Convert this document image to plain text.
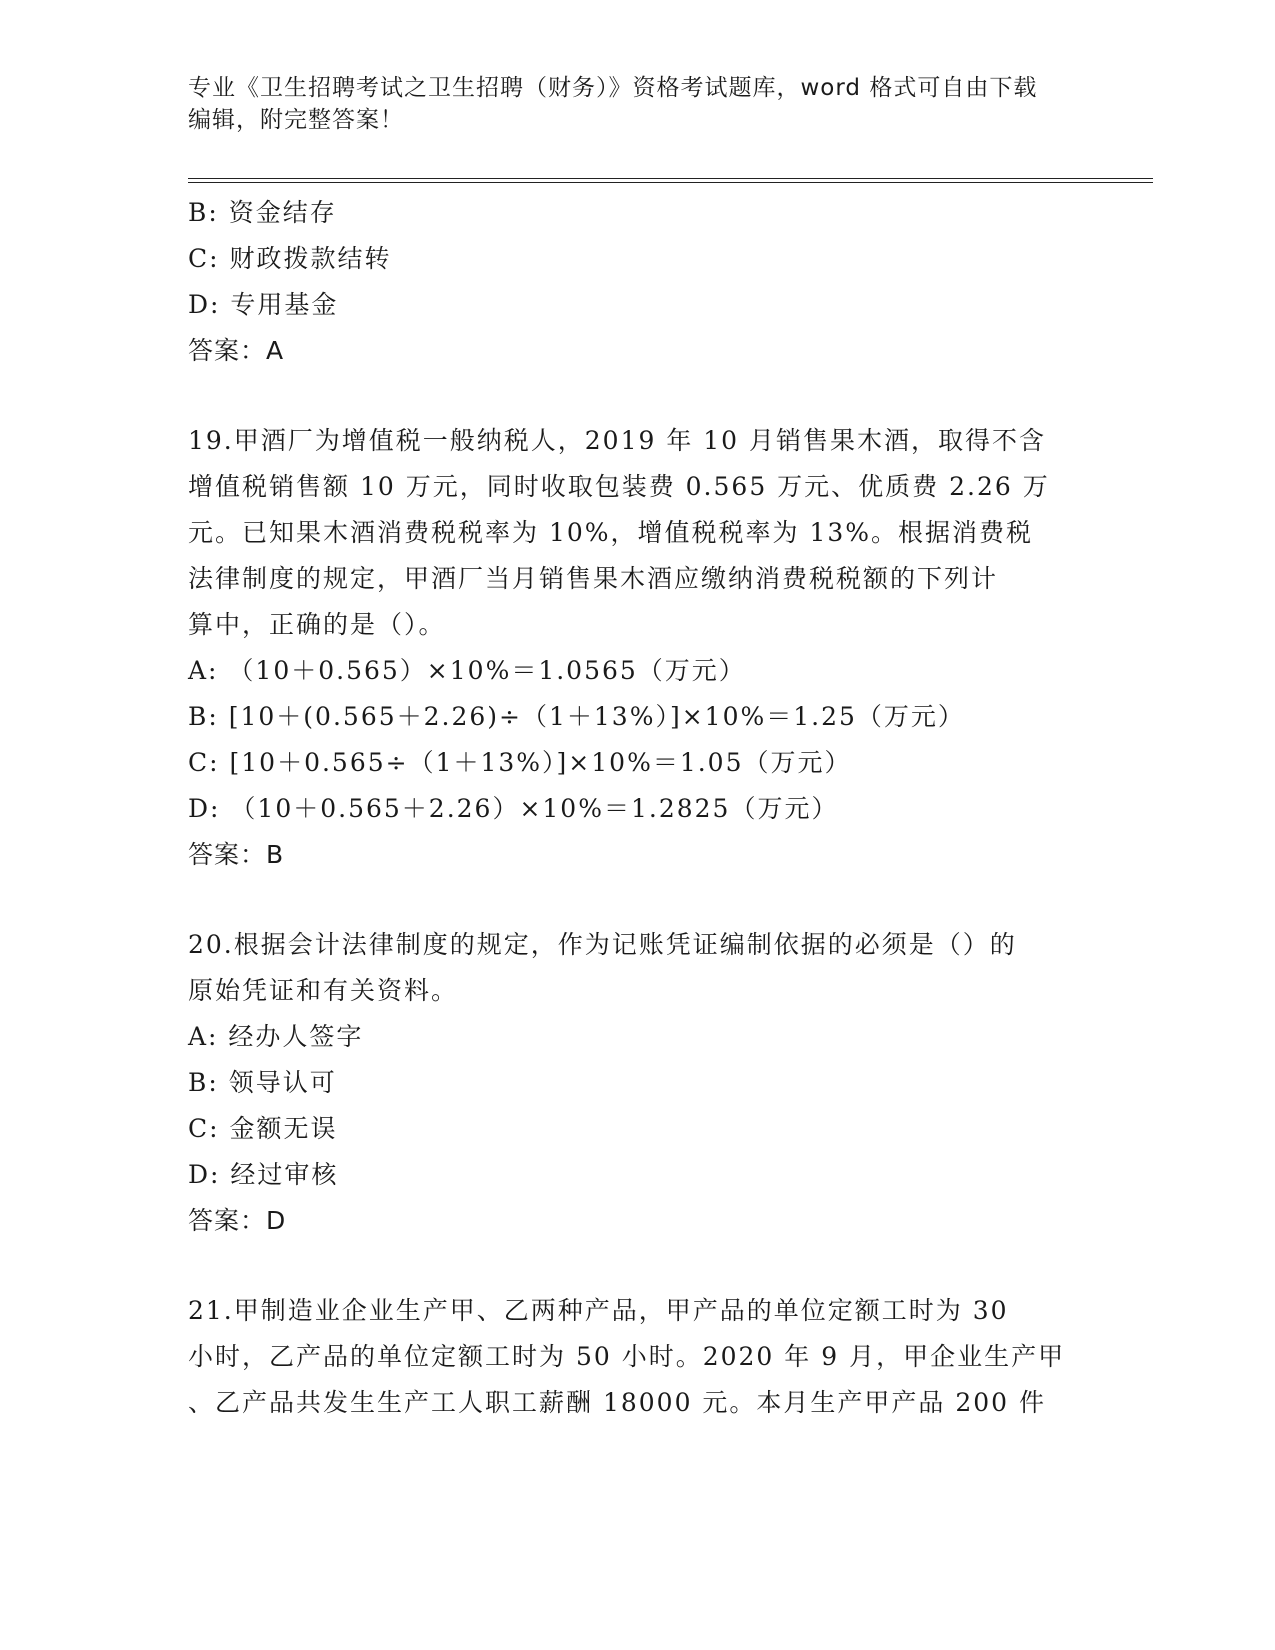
专业《卫生招聘考试之卫生招聘（财务）》资格考试题库，word 格式可自由下载
编辑，附完整答案！

B: 资金结存

C: 财政拨款结转

D: 专用基金

答案：A

19.甲酒厂为增值税一般纳税人，2019 年 10 月销售果木酒，取得不含

增值税销售额 10 万元，同时收取包装费 0.565 万元、优质费 2.26 万

元。已知果木酒消费税税率为 10%，增值税税率为 13%。根据消费税

法律制度的规定，甲酒厂当月销售果木酒应缴纳消费税税额的下列计

算中，正确的是（）。

A: （10＋0.565）×10%＝1.0565（万元）

B: [10＋(0.565＋2.26)÷（1＋13%）]×10%＝1.25（万元）

C: [10＋0.565÷（1＋13%）]×10%＝1.05（万元）

D: （10＋0.565＋2.26）×10%＝1.2825（万元）

答案：B

20.根据会计法律制度的规定，作为记账凭证编制依据的必须是（）的

原始凭证和有关资料。

A: 经办人签字

B: 领导认可

C: 金额无误

D: 经过审核

答案：D

21.甲制造业企业生产甲、乙两种产品，甲产品的单位定额工时为 30

小时，乙产品的单位定额工时为 50 小时。2020 年 9 月，甲企业生产甲

、乙产品共发生生产工人职工薪酬 18000 元。本月生产甲产品 200 件
